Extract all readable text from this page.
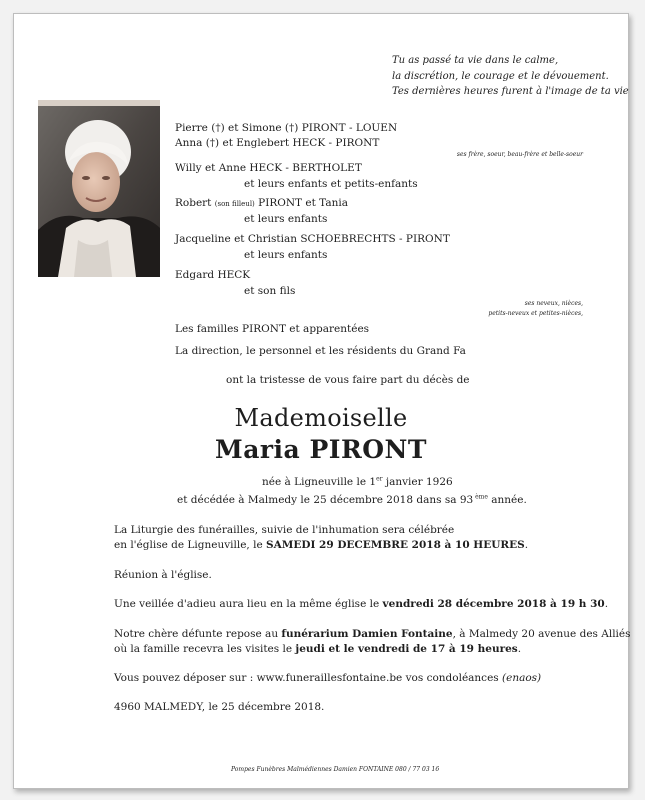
Tu as passé ta vie dans le calme,
la discrétion, le courage et le dévouement.
Tes dernières heures furent à l'image de ta vie
Pierre (†) et Simone (†) PIRONT - LOUEN
Anna (†) et Englebert HECK - PIRONT
ses frère, soeur, beau-frère et belle-soeur
Willy et Anne HECK - BERTHOLET
et leurs enfants et petits-enfants
Robert (son filleul) PIRONT et Tania
et leurs enfants
Jacqueline et Christian SCHOEBRECHTS - PIRONT
et leurs enfants
Edgard HECK
et son fils
ses neveux, nièces,
petits-neveux et petites-nièces,
Les familles PIRONT et apparentées
La direction, le personnel et les résidents du Grand Fa
ont la tristesse de vous faire part du décès de
Mademoiselle
Maria PIRONT
née à Ligneuville le 1er janvier 1926
et décédée à Malmedy le 25 décembre 2018 dans sa 93 $^{ème}$ année.
La Liturgie des funérailles, suivie de l'inhumation sera célébrée
en l'église de Ligneuville, le SAMEDI 29 DECEMBRE 2018 à 10 HEURES.
Réunion à l'église.
Une veillée d'adieu aura lieu en la même église le vendredi 28 décembre 2018 à 19 h 30.
Notre chère défunte repose au funérarium Damien Fontaine, à Malmedy 20 avenue des Alliés
où la famille recevra les visites le jeudi et le vendredi de 17 à 19 heures.
Vous pouvez déposer sur : www.funeraillesfontaine.be vos condoléances (enaos)
4960 MALMEDY, le 25 décembre 2018.
Pompes Funèbres Malmédiennes Damien FONTAINE 080 / 77 03 16
